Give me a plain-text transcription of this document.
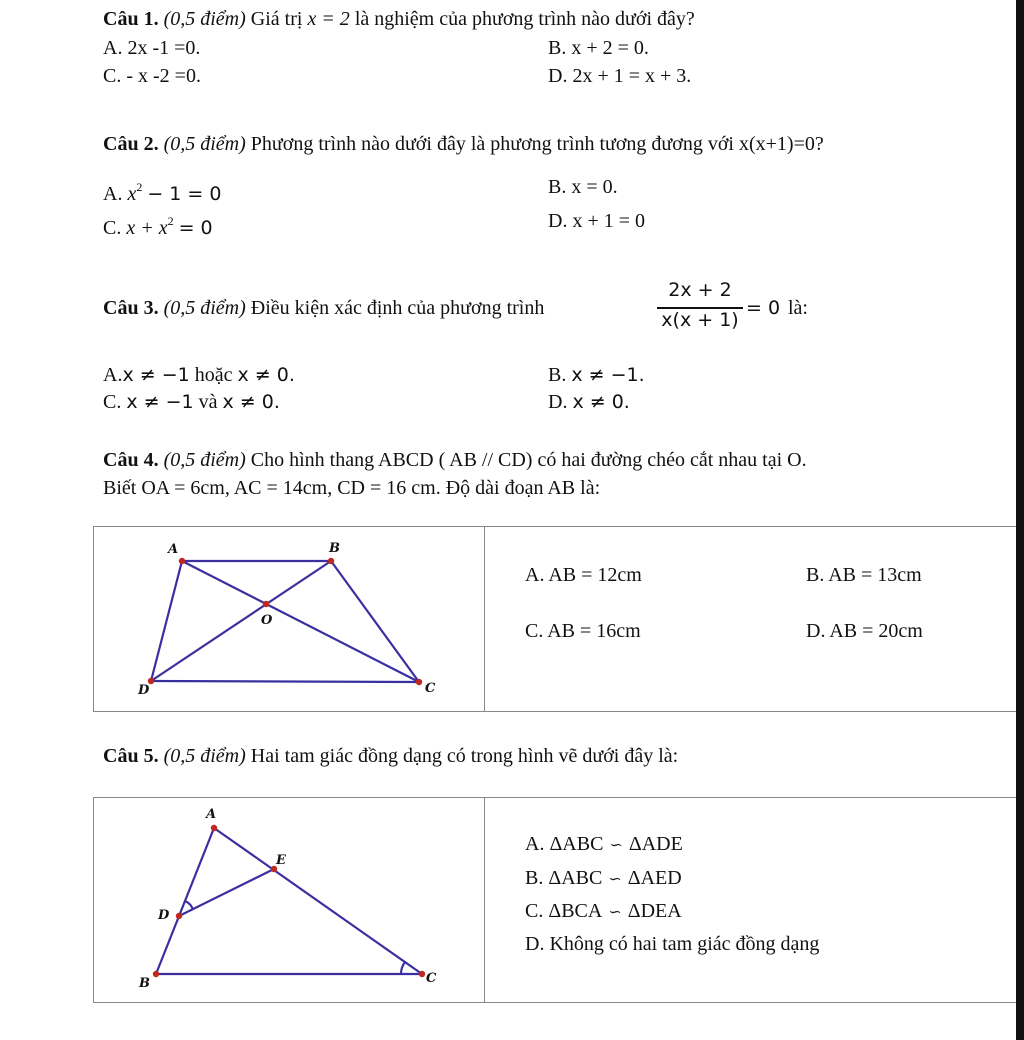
Câu 1. (0,5 điểm) Giá trị x = 2 là nghiệm của phương trình nào dưới đây?
A. 2x -1 =0.	B. x + 2 = 0.
C. - x -2 =0.	D. 2x + 1 = x + 3.
Câu 2. (0,5 điểm) Phương trình nào dưới đây là phương trình tương đương với x(x+1)=0?
A. $x^2 - 1 = 0$	B. x = 0.
C. $x + x^2 = 0$	D. x + 1 = 0
Câu 3. (0,5 điểm) Điều kiện xác định của phương trình
2x + 2
x(x + 1)
= 0 là:
A.x ≠ −1 hoặc x ≠ 0.	B. x ≠ −1.
C. x ≠ −1 và x ≠ 0.	D. x ≠ 0.
Câu 4. (0,5 điểm) Cho hình thang ABCD ( AB // CD) có hai đường chéo cắt nhau tại O.
Biết OA = 6cm, AC = 14cm, CD = 16 cm. Độ dài đoạn AB là:
A	B
C
D
O
A. AB = 12cm	B. AB = 13cm
C. AB = 16cm	D. AB = 20cm
Câu 5. (0,5 điểm) Hai tam giác đồng dạng có trong hình vẽ dưới đây là:
A
B	C
D
E
A. ΔABC ∽ ΔADE
B. ΔABC ∽ ΔAED
C. ΔBCA ∽ ΔDEA
D. Không có hai tam giác đồng dạng
